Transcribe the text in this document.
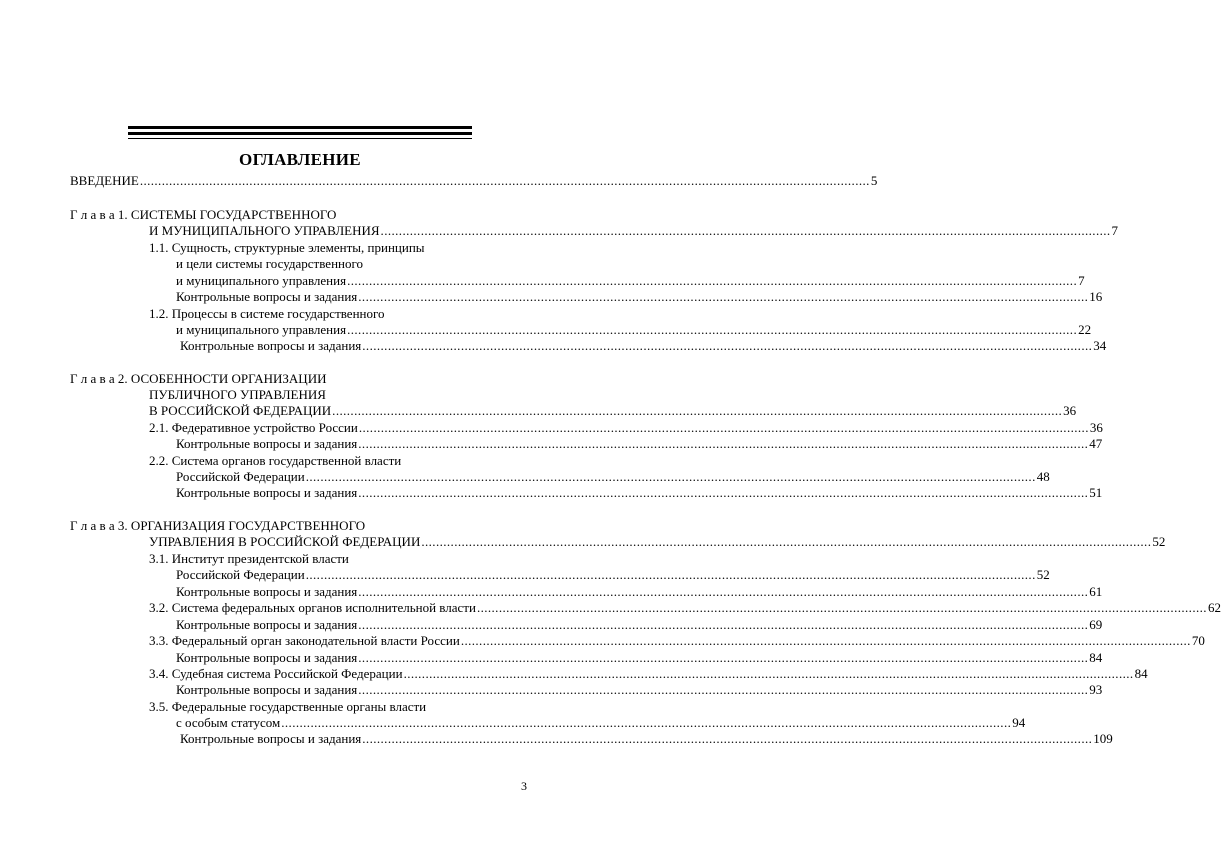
ОГЛАВЛЕНИЕ
ВВЕДЕНИЕ ........................................................................................................................................................................................................ 5
Г л а в а 1. СИСТЕМЫ ГОСУДАРСТВЕННОГО
И МУНИЦИПАЛЬНОГО УПРАВЛЕНИЯ ........................................................................................................................................................................................................ 7
1.1. Сущность, структурные элементы, принципы
и цели системы государственного
и муниципального управления ........................................................................................................................................................................................................ 7
Контрольные вопросы и задания ........................................................................................................................................................................................................ 16
1.2. Процессы в системе государственного
и муниципального управления ........................................................................................................................................................................................................ 22
Контрольные вопросы и задания ........................................................................................................................................................................................................ 34
Г л а в а 2. ОСОБЕННОСТИ ОРГАНИЗАЦИИ
ПУБЛИЧНОГО УПРАВЛЕНИЯ
В РОССИЙСКОЙ ФЕДЕРАЦИИ ........................................................................................................................................................................................................ 36
2.1. Федеративное устройство России ........................................................................................................................................................................................................ 36
Контрольные вопросы и задания ........................................................................................................................................................................................................ 47
2.2. Система органов государственной власти
Российской Федерации ........................................................................................................................................................................................................ 48
Контрольные вопросы и задания ........................................................................................................................................................................................................ 51
Г л а в а 3. ОРГАНИЗАЦИЯ ГОСУДАРСТВЕННОГО
УПРАВЛЕНИЯ В РОССИЙСКОЙ ФЕДЕРАЦИИ ........................................................................................................................................................................................................ 52
3.1. Институт президентской власти
Российской Федерации ........................................................................................................................................................................................................ 52
Контрольные вопросы и задания ........................................................................................................................................................................................................ 61
3.2. Система федеральных органов исполнительной власти ........................................................................................................................................................................................................ 62
Контрольные вопросы и задания ........................................................................................................................................................................................................ 69
3.3. Федеральный орган законодательной власти России ........................................................................................................................................................................................................ 70
Контрольные вопросы и задания ........................................................................................................................................................................................................ 84
3.4. Судебная система Российской Федерации ........................................................................................................................................................................................................ 84
Контрольные вопросы и задания ........................................................................................................................................................................................................ 93
3.5. Федеральные государственные органы власти
с особым статусом ........................................................................................................................................................................................................ 94
Контрольные вопросы и задания ........................................................................................................................................................................................................ 109
3
